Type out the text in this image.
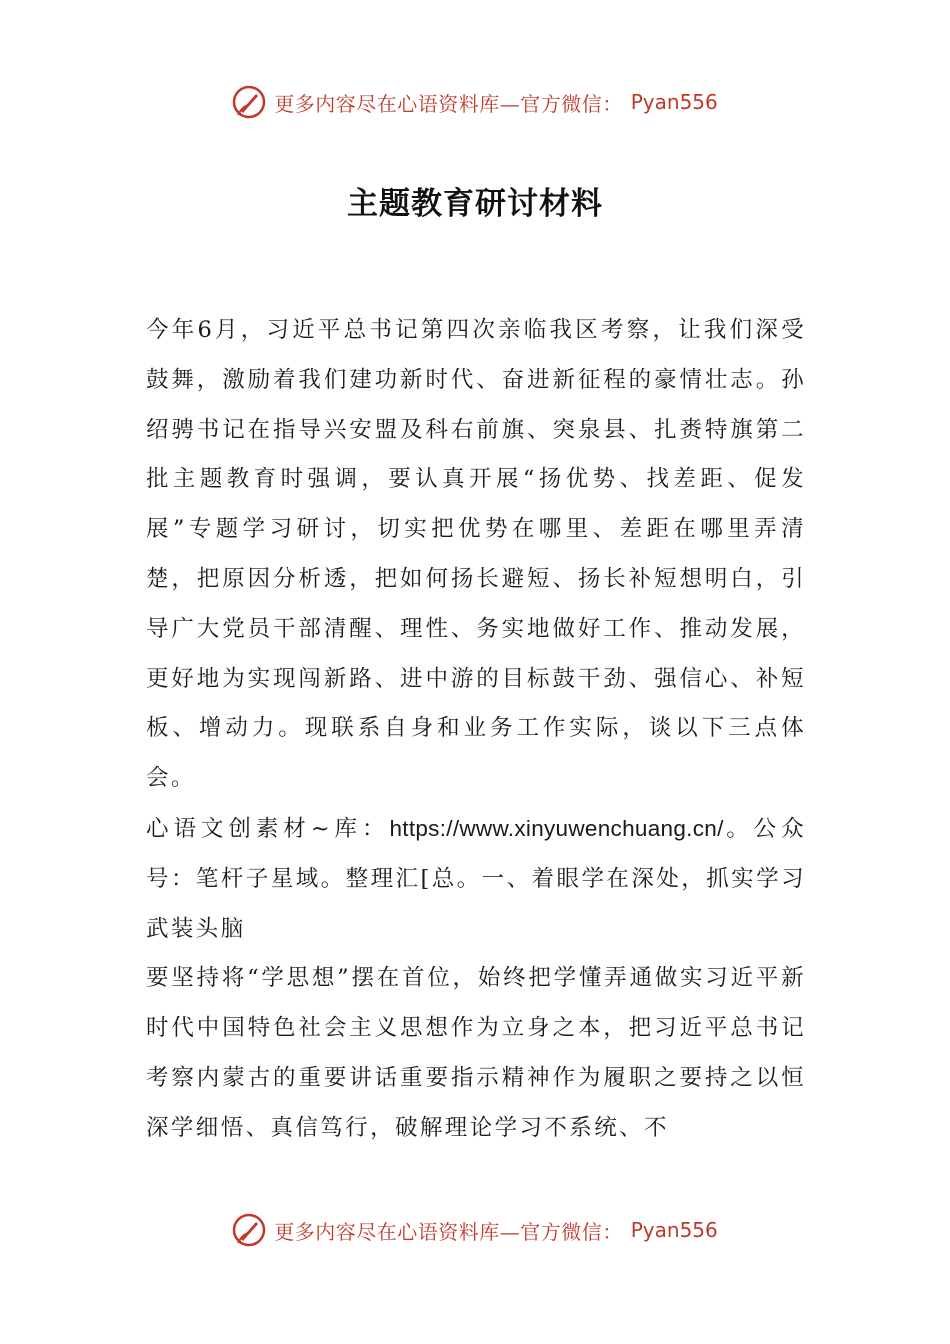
更多内容尽在心语资料库—官方微信： Pyan556
主题教育研讨材料

今年6月，习近平总书记第四次亲临我区考察，让我们深受鼓舞，激励着我们建功新时代、奋进新征程的豪情壮志。孙绍骋书记在指导兴安盟及科右前旗、突泉县、扎赉特旗第二批主题教育时强调，要认真开展“扬优势、找差距、促发展”专题学习研讨，切实把优势在哪里、差距在哪里弄清楚，把原因分析透，把如何扬长避短、扬长补短想明白，引导广大党员干部清醒、理性、务实地做好工作、推动发展，更好地为实现闯新路、进中游的目标鼓干劲、强信心、补短板、增动力。现联系自身和业务工作实际，谈以下三点体会。

心语文创素材~库：https://www.xinyuwenchuang.cn/。公众号：笔杆子星域。整理汇[总。一、着眼学在深处，抓实学习武装头脑

要坚持将“学思想”摆在首位，始终把学懂弄通做实习近平新时代中国特色社会主义思想作为立身之本，把习近平总书记考察内蒙古的重要讲话重要指示精神作为履职之要持之以恒深学细悟、真信笃行，破解理论学习不系统、不

更多内容尽在心语资料库—官方微信： Pyan556
